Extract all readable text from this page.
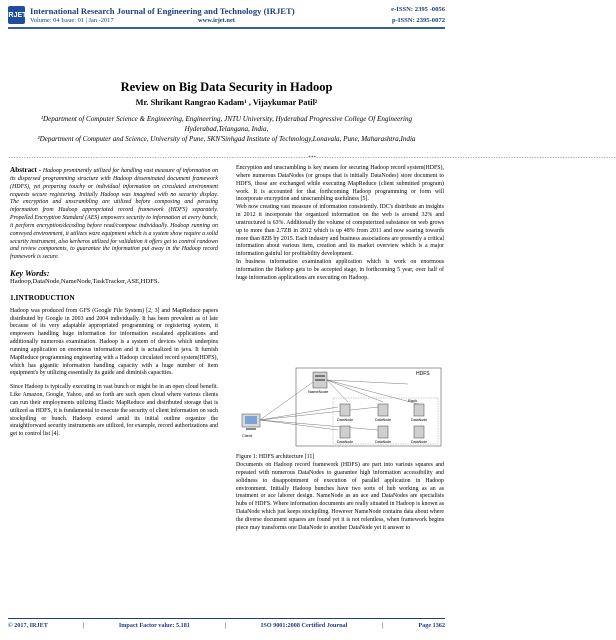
IRJET International Research Journal of Engineering and Technology (IRJET)
Volume: 04 Issue: 01 | Jan -2017	www.irjet.net
e-ISSN: 2395 -0056
p-ISSN: 2395-0072
Review on Big Data Security in Hadoop
Mr. Shrikant Rangrao Kadam¹ , Vijaykumar Patil²
¹Department of Computer Science & Engineering, Engineering, JNTU University, Hyderabad Progressive College Of Engineering Hyderabad,Telangana, India,
²Department of Computer and Science, University of Pune, SKN'Sinhgad Institute of Technology,Lonavala, Pune, Maharashtra,India
---------------------------------------------------------------------------------------------------------------------***---------------------------------------------------------------------------------------------------------------------
Abstract - Hadoop prominently utilized for handling vast measure of information on its dispersed programming structure with Hadoop disseminated document framework (HDFS), yet preparing touchy or individual information on circulated environment requests secure registering. Initially Hadoop was imagined with no security display. The encryption and unscrambling are utilized before composing and perusing information from Hadoop appropriated record framework (HDFS) separately. Propelled Encryption Standard (AES) empowers security to information at every bunch, it perform encryption/decoding before read/compose individually. Hodoop running on conveyed environment, it utilizes ware equipment which is a system show require a solid security instrument, also kerberos utilized for validation it offers get to control rundown and review components, to guarantee the information put away in the Hadoop record framework is secure.
Key Words:
Hadoop,DataNode,NameNode,TaskTracker,ASE,HDFS.
1.INTRODUCTION
Hadoop was produced from GFS (Google File System) [2, 3] and MapReduce papers distributed by Google in 2003 and 2004 individually. It has been prevalent as of late because of its very adaptable appropriated programming or registering system, it empowers handling huge information for information escalated applications and additionally numerous examination. Hadoop is a system of devices which underpins running application on enormous information and it is actualized in java. It furnish MapReduce programming engineering with a Hadoop circulated record system(HDFS), which has gigantic information handling capacity with a huge number of item equipment's by utilizing essentially its guide and diminish capacities.
Since Hadoop is typically executing in vast bunch or might be in an open cloud benefit. Like Amazon, Google, Yahoo, and so forth are such open cloud where various clients can run their employments utilizing Elastic MapReduce and distributed storage that is utilized as HDFS, it is fundamental to execute the security of client information on such stockpiling or bunch. Hadoop extend amid its initial outline organize the straightforward security instruments are utilized, for example, record authorizations and get to control list [4].
Encryption and unscrambling is key means for securing Hadoop record system(HDFS), where numerous DataNodes (or groups that is initially DataNodes) store document to HDFS, those are exchanged while executing MapReduce (client submitted program) work. It is accounted for that forthcoming Hadoop programming or form will incorporate encryption and unscrambling usefulness [5].
Web now creating vast measure of information consistently. IDC's distribute an insights in 2012 it incorporate the organized information on the web is around 32% and unstructured is 63%. Additionally the volume of computerized substance on web grows up to more than 2.7ZB in 2012 which is up 48% from 2011 and now soaring towards more than 8ZB by 2015. Each industry and business associations are presently a critical information about various item, creation and its market overview which is a major information gainful for profitability development.
In business information examination application which is work on enormous information the Hadoop gets to be accepted stage, in forthcoming 5 year, over half of huge information applications are executing on Hadoop.
HDFS
Client
NameNode
Rack
DataNode	DataNode	DataNode
DataNode	DataNode	DataNode
Figure 1: HDFS architecture [11]
Documents on Hadoop record framework (HDFS) are part into various squares and repeated with numerous DataNodes to guarantee high information accessibility and solidness to disappointment of execution of parallel application in Hadoop environment. Initially Hadoop bunches have two sorts of hub working as an as treatment or ace laborer design. NameNode as an ace and DataNodes are specialists hubs of HDFS. Where information documents are really situated in Hadoop is known as DataNode which just keeps stockpiling. However NameNode contains data about where the diverse document squares are found yet it is not relentless, when framework begins piece may transforms one DataNode to another DataNode yet it answer to
© 2017, IRJET	|	Impact Factor value: 5.181	|	ISO 9001:2008 Certified Journal	|	Page 1362
